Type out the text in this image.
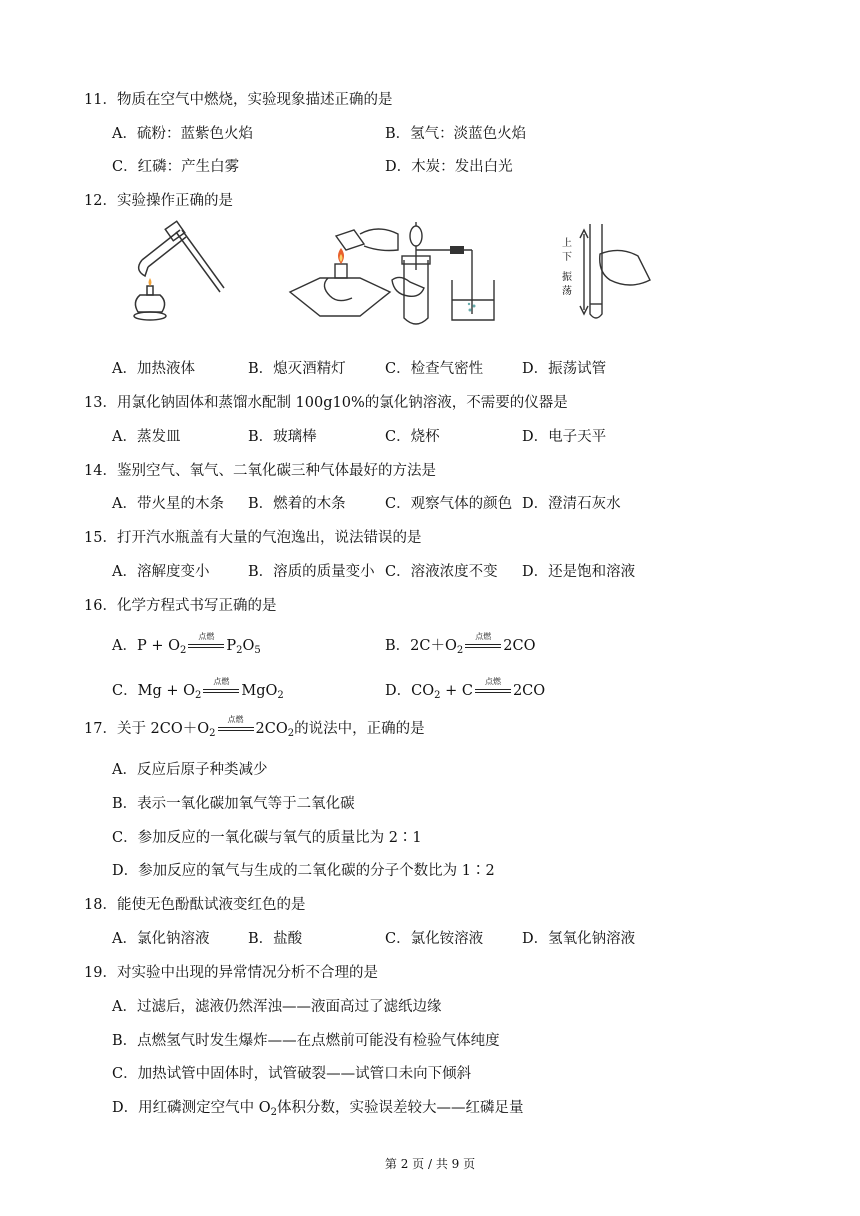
11．物质在空气中燃烧，实验现象描述正确的是
A．硫粉：蓝紫色火焰	B．氢气：淡蓝色火焰
C．红磷：产生白雾	D．木炭：发出白光
12．实验操作正确的是
上
下
振
荡
A．加热液体	B．熄灭酒精灯	C．检查气密性	D．振荡试管
13．用氯化钠固体和蒸馏水配制 100g10%的氯化钠溶液，不需要的仪器是
A．蒸发皿	B．玻璃棒	C．烧杯	D．电子天平
14．鉴别空气、氧气、二氧化碳三种气体最好的方法是
A．带火星的木条 B．燃着的木条	C．观察气体的颜色 D．澄清石灰水
15．打开汽水瓶盖有大量的气泡逸出，说法错误的是
A．溶解度变小	B．溶质的质量变小 C．溶液浓度不变 D．还是饱和溶液
16．化学方程式书写正确的是
A．$P + O_2$
点燃
$P_2O_5$	B．$2C+O_2$
点燃
2CO
C．$Mg + O_2$
点燃
MgO$_2$	D．$CO_2 + C$
点燃
2CO
17．关于 $2CO+O_2$
点燃
$2CO_2$的说法中，正确的是
A．反应后原子种类减少
B．表示一氧化碳加氧气等于二氧化碳
C．参加反应的一氧化碳与氧气的质量比为 2∶1
D．参加反应的氧气与生成的二氧化碳的分子个数比为 1∶2
18．能使无色酚酞试液变红色的是
A．氯化钠溶液	B．盐酸	C．氯化铵溶液	D．氢氧化钠溶液
19．对实验中出现的异常情况分析不合理的是
A．过滤后，滤液仍然浑浊——液面高过了滤纸边缘
B．点燃氢气时发生爆炸——在点燃前可能没有检验气体纯度
C．加热试管中固体时，试管破裂——试管口未向下倾斜
D．用红磷测定空气中 $O_2$体积分数，实验误差较大——红磷足量
第 2 页 / 共 9 页
